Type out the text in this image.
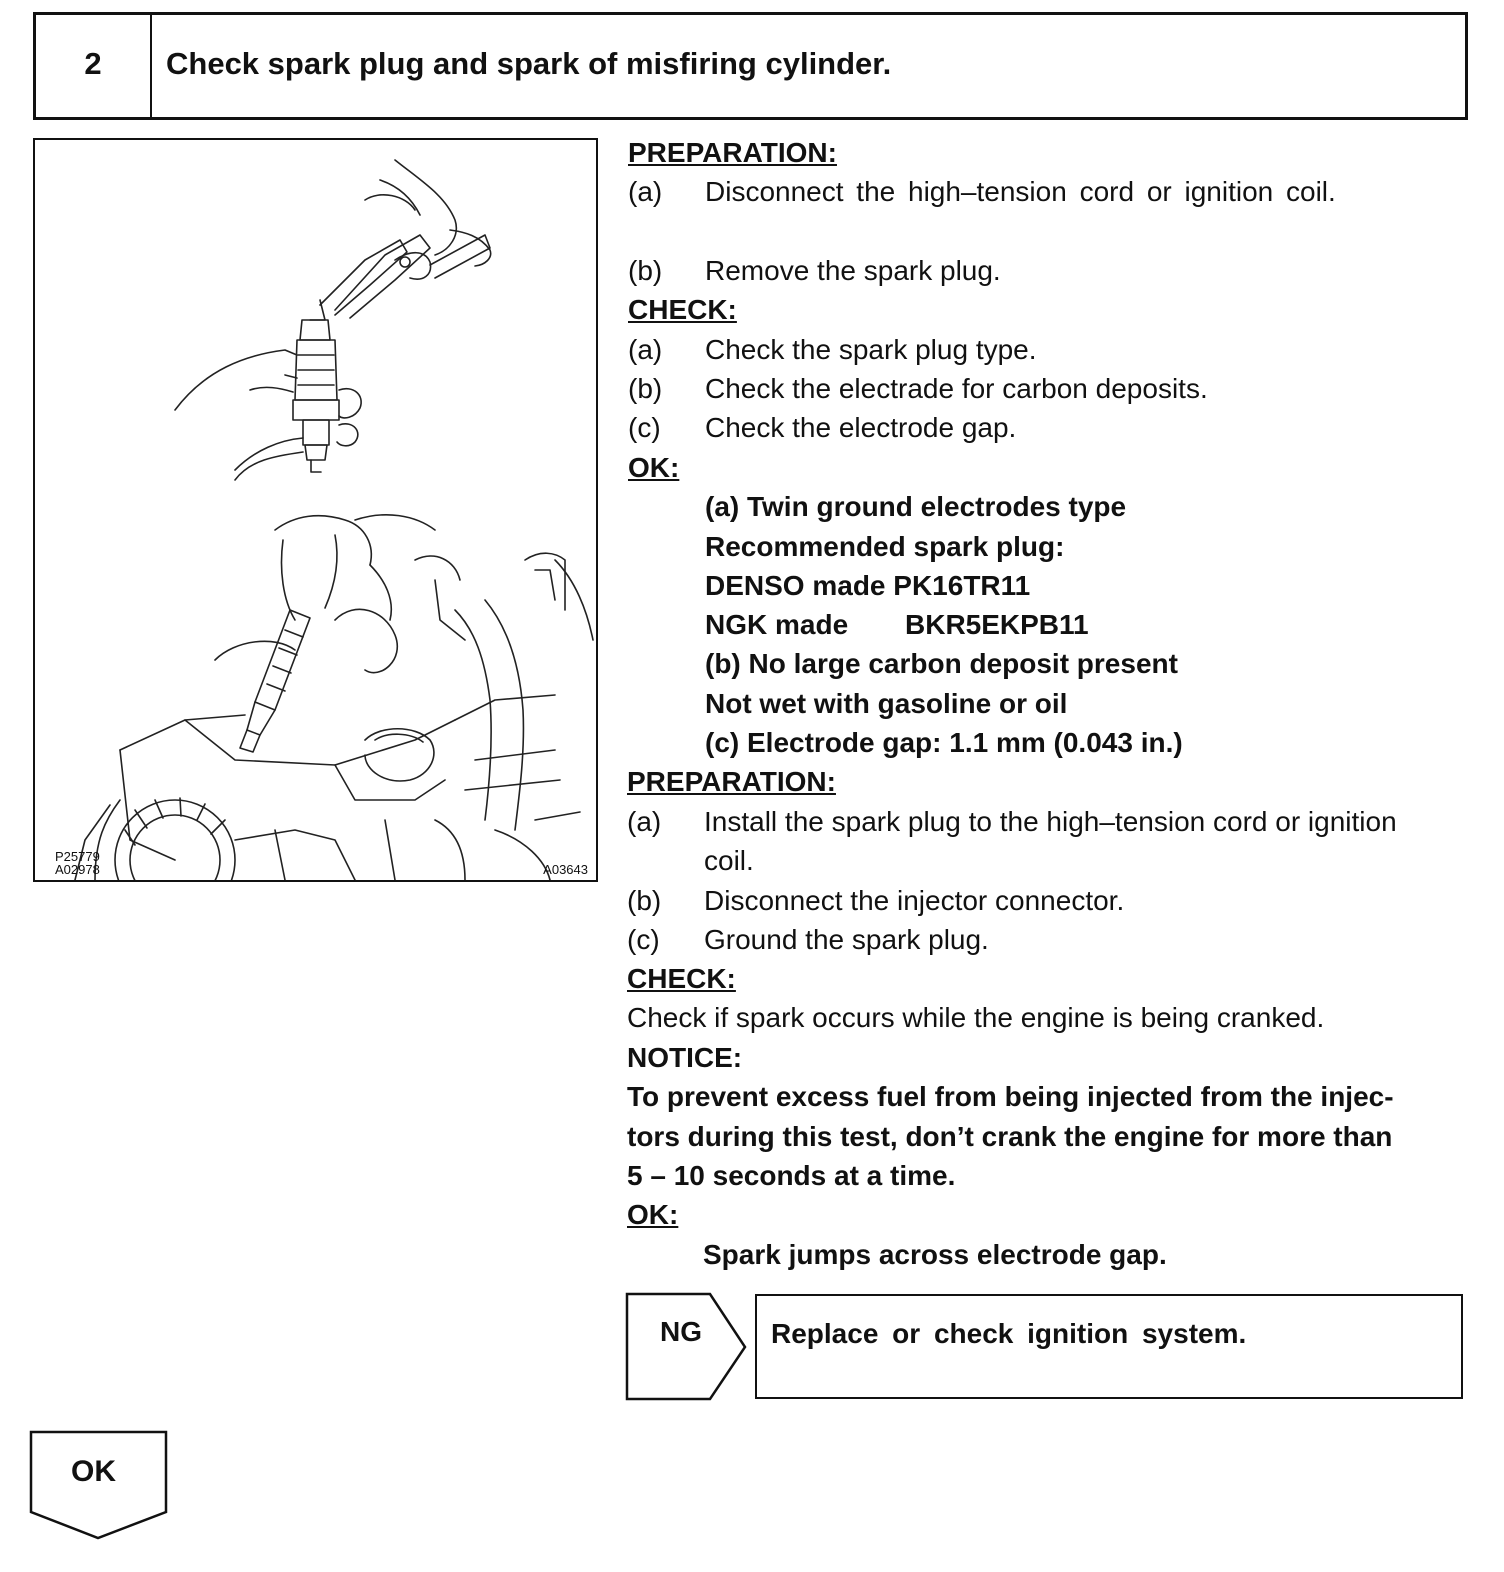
2	Check spark plug and spark of misfiring cylinder.
P25779
A02978	A03643
PREPARATION:
(a) Disconnect the high–tension cord or ignition coil.
(b) Remove the spark plug.
CHECK:
(a) Check the spark plug type.
(b) Check the electrade for carbon deposits.
(c) Check the electrode gap.
OK:
(a) Twin ground electrodes type
Recommended spark plug:
DENSO made PK16TR11
NGK made BKR5EKPB11
(b) No large carbon deposit present
Not wet with gasoline or oil
(c) Electrode gap: 1.1 mm (0.043 in.)
PREPARATION:
(a) Install the spark plug to the high–tension cord or ignition
coil.
(b) Disconnect the injector connector.
(c) Ground the spark plug.
CHECK:
Check if spark occurs while the engine is being cranked.
NOTICE:
To prevent excess fuel from being injected from the injec-
tors during this test, don’t crank the engine for more than
5 – 10 seconds at a time.
OK:
Spark jumps across electrode gap.
NG Replace or check ignition system.
OK
